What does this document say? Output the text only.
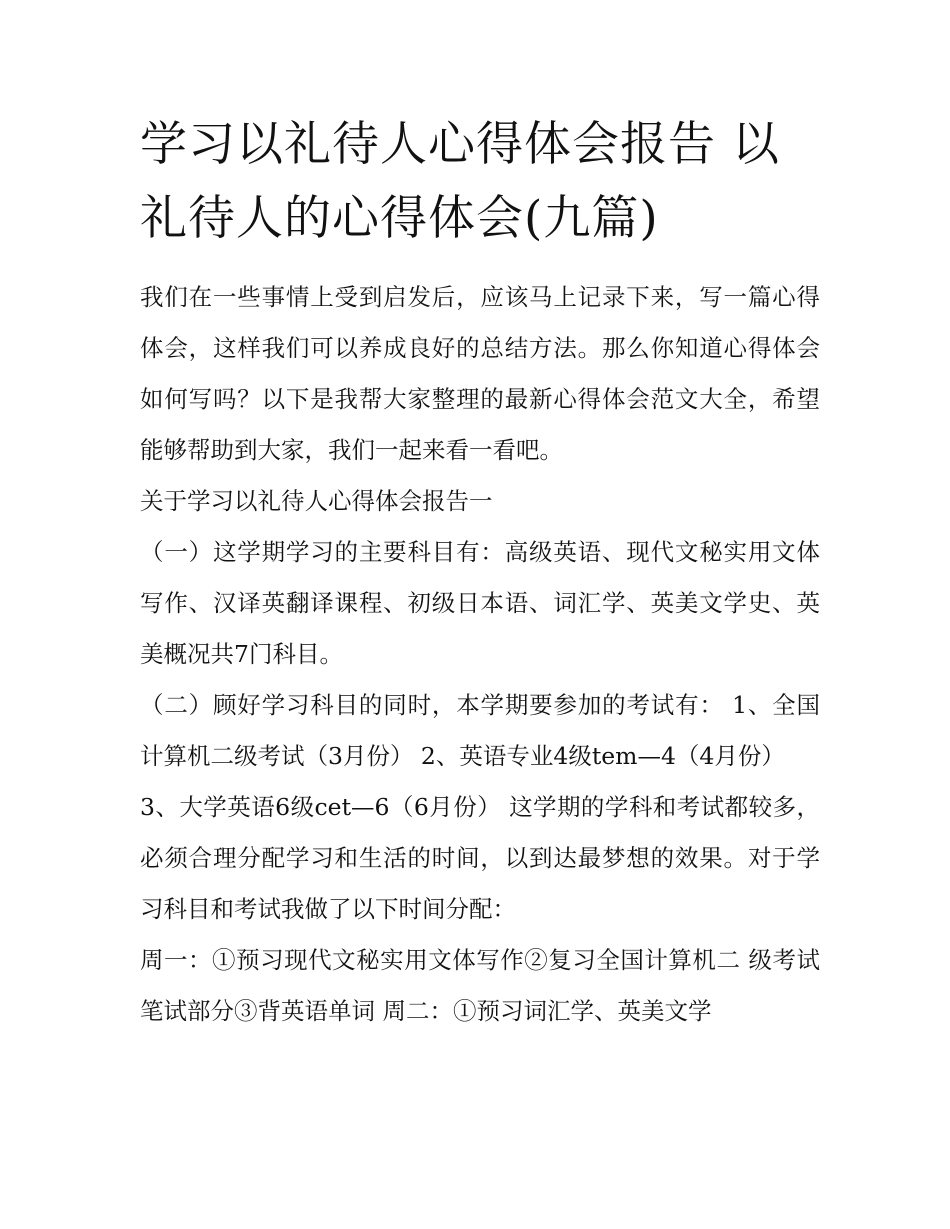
学习以礼待人心得体会报告 以礼待人的心得体会(九篇)

我们在一些事情上受到启发后，应该马上记录下来，写一篇心得体会，这样我们可以养成良好的总结方法。那么你知道心得体会如何写吗？以下是我帮大家整理的最新心得体会范文大全，希望能够帮助到大家，我们一起来看一看吧。

关于学习以礼待人心得体会报告一

（一）这学期学习的主要科目有：高级英语、现代文秘实用文体写作、汉译英翻译课程、初级日本语、词汇学、英美文学史、英美概况共7门科目。

（二）顾好学习科目的同时，本学期要参加的考试有： 1、全国计算机二级考试（3月份） 2、英语专业4级tem—4（4月份）

3、大学英语6级cet—6（6月份） 这学期的学科和考试都较多，必须合理分配学习和生活的时间，以到达最梦想的效果。对于学习科目和考试我做了以下时间分配：

周一：①预习现代文秘实用文体写作②复习全国计算机二 级考试笔试部分③背英语单词 周二：①预习词汇学、英美文学
